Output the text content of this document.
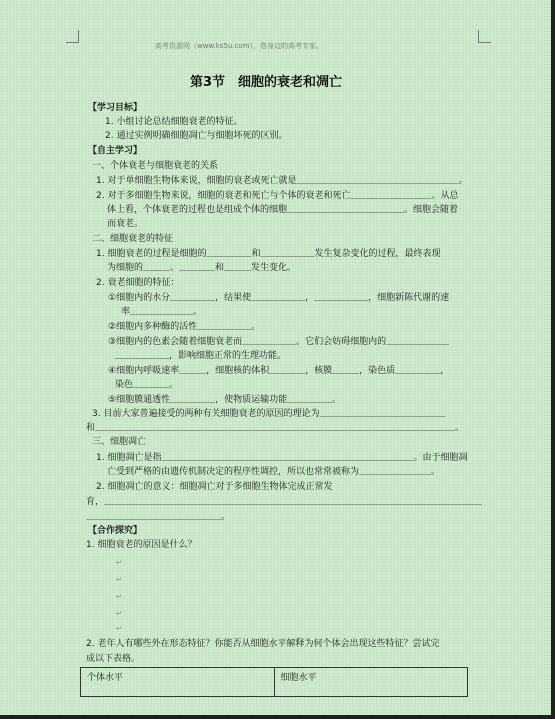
高考资源网（www.ks5u.com），您身边的高考专家。
第3节　细胞的衰老和凋亡
【学习目标】
1. 小组讨论总结细胞衰老的特征。
2. 通过实例明确细胞凋亡与细胞坏死的区别。
【自主学习】
一、个体衰老与细胞衰老的关系
1. 对于单细胞生物体来说，细胞的衰老或死亡就是＿＿＿＿＿＿＿＿＿＿＿＿＿＿＿＿＿＿。
2. 对于多细胞生物来说，细胞的衰老和死亡与个体的衰老和死亡＿＿＿＿＿＿＿＿＿。从总
体上看，个体衰老的过程也是组成个体的细胞＿＿＿＿＿＿＿＿＿＿＿＿＿。细胞会随着
而衰老。
二、细胞衰老的特征
1. 细胞衰老的过程是细胞的＿＿＿＿＿和＿＿＿＿＿＿发生复杂变化的过程，最终表现
为细胞的＿＿＿、＿＿＿＿和＿＿＿发生变化。
2. 衰老细胞的特征：
①细胞内的水分＿＿＿＿＿，结果使＿＿＿＿＿＿，＿＿＿＿＿＿，细胞新陈代谢的速
率＿＿＿＿＿＿＿。
②细胞内多种酶的活性＿＿＿＿＿＿。
③细胞内的色素会随着细胞衰老而＿＿＿＿＿＿。它们会妨碍细胞内的＿＿＿＿＿＿＿
＿＿＿＿＿＿，影响细胞正常的生理功能。
④细胞内呼吸速率＿＿＿，细胞核的体积＿＿＿＿，核膜＿＿＿，染色质＿＿＿＿＿，
染色＿＿＿＿。
⑤细胞膜通透性＿＿＿＿＿，使物质运输功能＿＿＿＿＿。
3. 目前大家普遍接受的两种有关细胞衰老的原因的理论为＿＿＿＿＿＿＿＿＿＿＿＿＿＿
和＿＿＿＿＿＿＿＿＿＿＿＿＿＿＿＿＿＿＿＿＿＿＿＿＿＿＿＿＿＿＿＿＿＿＿＿＿＿＿＿。
三、细胞凋亡
1. 细胞凋亡是指＿＿＿＿＿＿＿＿＿＿＿＿＿＿＿＿＿＿＿＿＿＿＿＿＿＿＿＿。由于细胞凋
亡受到严格的由遗传机制决定的程序性调控，所以也常常被称为＿＿＿＿＿＿＿＿。
2. 细胞凋亡的意义：细胞凋亡对于多细胞生物体完成正常发
育，＿＿＿＿＿＿＿＿＿＿＿＿＿＿＿＿＿＿＿＿＿＿＿＿＿＿＿＿＿＿＿＿＿＿＿＿＿＿＿＿＿＿
＿＿＿＿＿＿＿＿＿＿＿＿＿＿＿。
【合作探究】
1. 细胞衰老的原因是什么？
↵
↵
↵
↵
↵
2. 老年人有哪些外在形态特征？你能否从细胞水平解释为何个体会出现这些特征？尝试完
成以下表格。
个体水平	细胞水平
